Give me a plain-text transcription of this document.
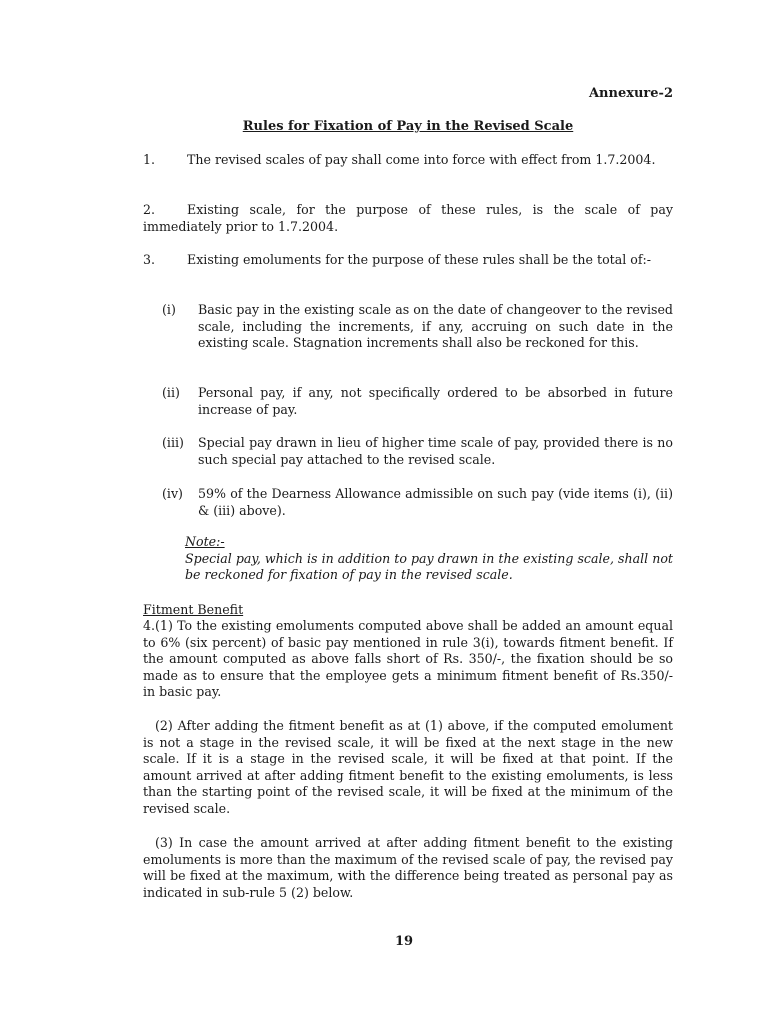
Annexure-2
Rules for Fixation of Pay in the Revised Scale
1.	The revised scales of pay shall come into force with effect from 1.7.2004.
2.	Existing scale, for the purpose of these rules, is the scale of pay immediately prior to 1.7.2004.
3.	Existing emoluments for the purpose of these rules shall be the total of:-
(i)	Basic pay in the existing scale as on the date of changeover to the revised scale, including the increments, if any, accruing on such date in the existing scale. Stagnation increments shall also be reckoned for this.
(ii)	Personal pay, if any, not specifically ordered to be absorbed in future increase of pay.
(iii)	Special pay drawn in lieu of higher time scale of pay, provided there is no such special pay attached to the revised scale.
(iv)	59% of the Dearness Allowance admissible on such pay (vide items (i), (ii) & (iii) above).
Note:-
Special pay, which is in addition to pay drawn in the existing scale, shall not be reckoned for fixation of pay in the revised scale.
Fitment Benefit
4.(1) To the existing emoluments computed above shall be added an amount equal to 6% (six percent) of basic pay mentioned in rule 3(i), towards fitment benefit. If the amount computed as above falls short of Rs. 350/-, the fixation should be so made as to ensure that the employee gets a minimum fitment benefit of Rs.350/- in basic pay.
(2) After adding the fitment benefit as at (1) above, if the computed emolument is not a stage in the revised scale, it will be fixed at the next stage in the new scale. If it is a stage in the revised scale, it will be fixed at that point. If the amount arrived at after adding fitment benefit to the existing emoluments, is less than the starting point of the revised scale, it will be fixed at the minimum of the revised scale.
(3) In case the amount arrived at after adding fitment benefit to the existing emoluments is more than the maximum of the revised scale of pay, the revised pay will be fixed at the maximum, with the difference being treated as personal pay as indicated in sub-rule 5 (2) below.
19
